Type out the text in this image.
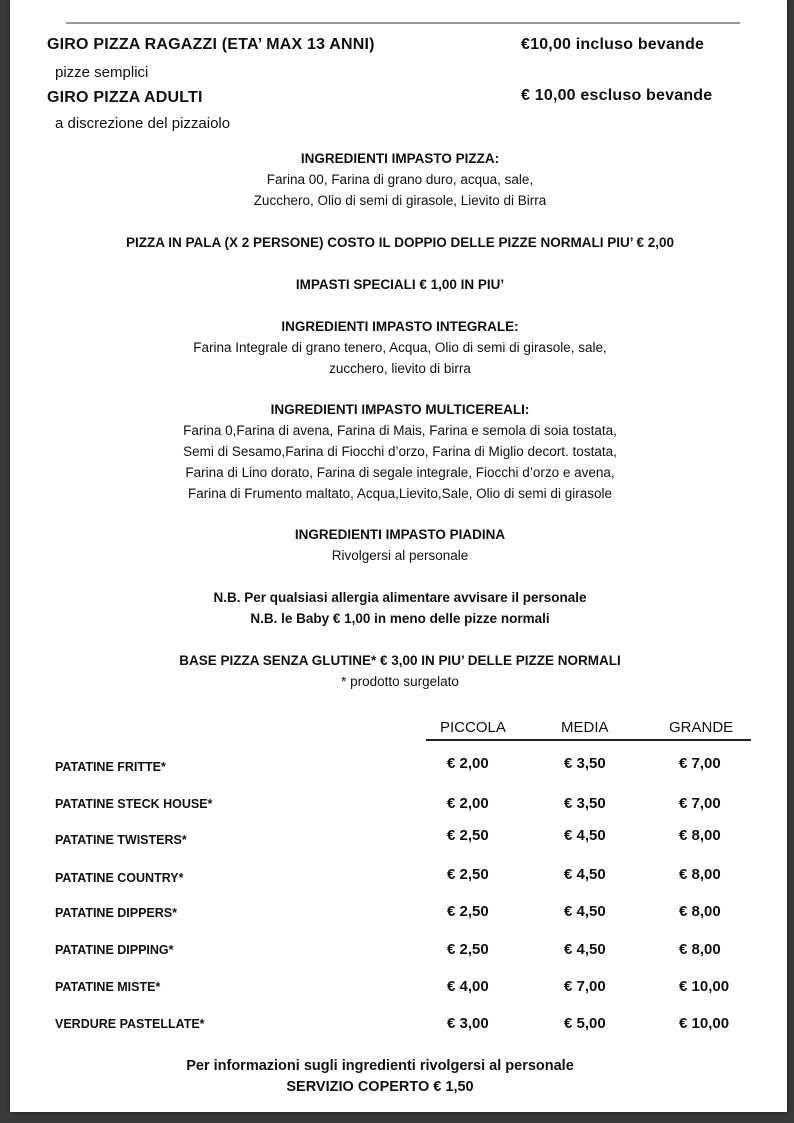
GIRO PIZZA RAGAZZI (ETA’ MAX 13 ANNI)	€10,00 incluso bevande
pizze semplici
GIRO PIZZA ADULTI	€ 10,00 escluso bevande
a discrezione del pizzaiolo
INGREDIENTI IMPASTO PIZZA:
Farina 00, Farina di grano duro, acqua, sale,
Zucchero, Olio di semi di girasole, Lievito di Birra
PIZZA IN PALA (X 2 PERSONE) COSTO IL DOPPIO DELLE PIZZE NORMALI PIU’ € 2,00
IMPASTI SPECIALI € 1,00 IN PIU’
INGREDIENTI IMPASTO INTEGRALE:
Farina Integrale di grano tenero, Acqua, Olio di semi di girasole, sale,
zucchero, lievito di birra
INGREDIENTI IMPASTO MULTICEREALI:
Farina 0,Farina di avena, Farina di Mais, Farina e semola di soia tostata,
Semi di Sesamo,Farina di Fiocchi d’orzo, Farina di Miglio decort. tostata,
Farina di Lino dorato, Farina di segale integrale, Fiocchi d’orzo e avena,
Farina di Frumento maltato, Acqua,Lievito,Sale, Olio di semi di girasole
INGREDIENTI IMPASTO PIADINA
Rivolgersi al personale
N.B. Per qualsiasi allergia alimentare avvisare il personale
N.B. le Baby € 1,00 in meno delle pizze normali
BASE PIZZA SENZA GLUTINE* € 3,00 IN PIU’ DELLE PIZZE NORMALI
* prodotto surgelato
PICCOLA	MEDIA	GRANDE
PATATINE FRITTE*	€ 2,00	€ 3,50	€ 7,00
PATATINE STECK HOUSE*	€ 2,00	€ 3,50	€ 7,00
PATATINE TWISTERS*	€ 2,50	€ 4,50	€ 8,00
PATATINE COUNTRY*	€ 2,50	€ 4,50	€ 8,00
PATATINE DIPPERS*	€ 2,50	€ 4,50	€ 8,00
PATATINE DIPPING*	€ 2,50	€ 4,50	€ 8,00
PATATINE MISTE*	€ 4,00	€ 7,00	€ 10,00
VERDURE PASTELLATE*	€ 3,00	€ 5,00	€ 10,00
Per informazioni sugli ingredienti rivolgersi al personale
SERVIZIO COPERTO € 1,50
